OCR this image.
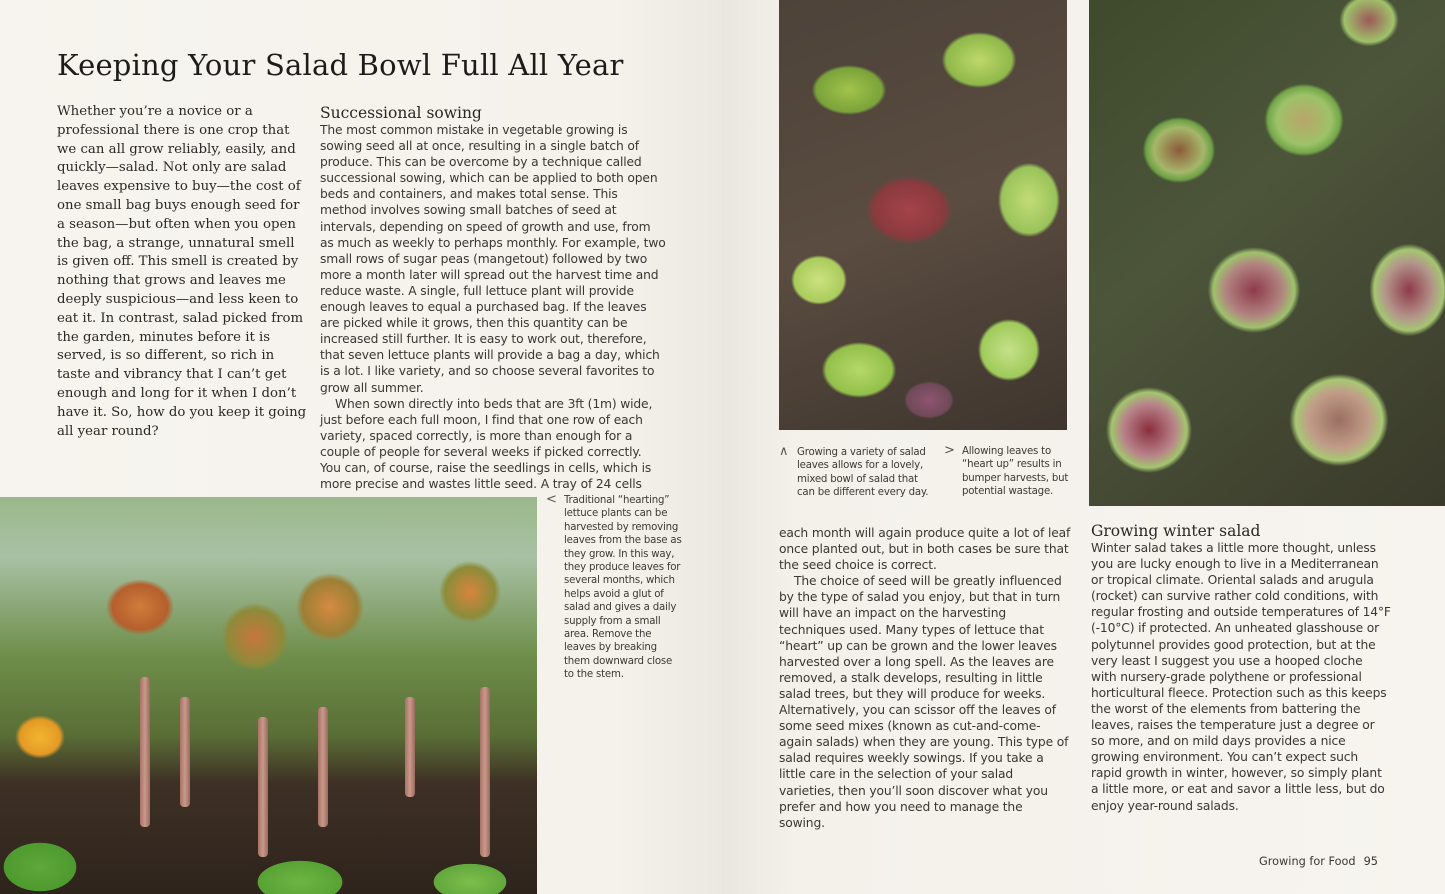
Keeping Your Salad Bowl Full All Year
Whether you’re a novice or a professional there is one crop that we can all grow reliably, easily, and quickly—salad. Not only are salad leaves expensive to buy—the cost of one small bag buys enough seed for a season—but often when you open the bag, a strange, unnatural smell is given off. This smell is created by nothing that grows and leaves me deeply suspicious—and less keen to eat it. In contrast, salad picked from the garden, minutes before it is served, is so different, so rich in taste and vibrancy that I can’t get enough and long for it when I don’t have it. So, how do you keep it going all year round?
Successional sowing

The most common mistake in vegetable growing is sowing seed all at once, resulting in a single batch of produce. This can be overcome by a technique called successional sowing, which can be applied to both open beds and containers, and makes total sense. This method involves sowing small batches of seed at intervals, depending on speed of growth and use, from as much as weekly to perhaps monthly. For example, two small rows of sugar peas (mangetout) followed by two more a month later will spread out the harvest time and reduce waste. A single, full lettuce plant will provide enough leaves to equal a purchased bag. If the leaves are picked while it grows, then this quantity can be increased still further. It is easy to work out, therefore, that seven lettuce plants will provide a bag a day, which is a lot. I like variety, and so choose several favorites to grow all summer.

When sown directly into beds that are 3ft (1m) wide, just before each full moon, I find that one row of each variety, spaced correctly, is more than enough for a couple of people for several weeks if picked correctly. You can, of course, raise the seedlings in cells, which is more precise and wastes little seed. A tray of 24 cells

< Traditional “hearting” lettuce plants can be harvested by removing leaves from the base as they grow. In this way, they produce leaves for several months, which helps avoid a glut of salad and gives a daily supply from a small area. Remove the leaves by breaking them downward close to the stem.
∧ Growing a variety of salad leaves allows for a lovely, mixed bowl of salad that can be different every day.
> Allowing leaves to “heart up” results in bumper harvests, but potential wastage.

each month will again produce quite a lot of leaf once planted out, but in both cases be sure that the seed choice is correct.

The choice of seed will be greatly influenced by the type of salad you enjoy, but that in turn will have an impact on the harvesting techniques used. Many types of lettuce that “heart” up can be grown and the lower leaves harvested over a long spell. As the leaves are removed, a stalk develops, resulting in little salad trees, but they will produce for weeks. Alternatively, you can scissor off the leaves of some seed mixes (known as cut-and-come-again salads) when they are young. This type of salad requires weekly sowings. If you take a little care in the selection of your salad varieties, then you’ll soon discover what you prefer and how you need to manage the sowing.

Growing winter salad

Winter salad takes a little more thought, unless you are lucky enough to live in a Mediterranean or tropical climate. Oriental salads and arugula (rocket) can survive rather cold conditions, with regular frosting and outside temperatures of 14°F (-10°C) if protected. An unheated glasshouse or polytunnel provides good protection, but at the very least I suggest you use a hooped cloche with nursery-grade polythene or professional horticultural fleece. Protection such as this keeps the worst of the elements from battering the leaves, raises the temperature just a degree or so more, and on mild days provides a nice growing environment. You can’t expect such rapid growth in winter, however, so simply plant a little more, or eat and savor a little less, but do enjoy year-round salads.

Growing for Food 95
